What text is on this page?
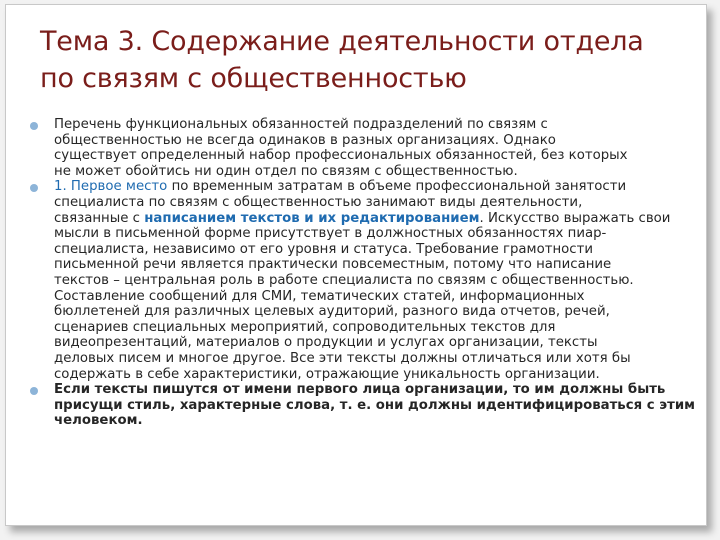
Тема 3. Содержание деятельности отдела
по связям с общественностью
Перечень функциональных обязанностей подразделений по связям с
общественностью не всегда одинаков в разных организациях. Однако
существует определенный набор профессиональных обязанностей, без которых
не может обойтись ни один отдел по связям с общественностью.
1. Первое место по временным затратам в объеме профессиональной занятости
специалиста по связям с общественностью занимают виды деятельности,
связанные с написанием текстов и их редактированием. Искусство выражать свои
мысли в письменной форме присутствует в должностных обязанностях пиар-
специалиста, независимо от его уровня и статуса. Требование грамотности
письменной речи является практически повсеместным, потому что написание
текстов – центральная роль в работе специалиста по связям с общественностью.
Составление сообщений для СМИ, тематических статей, информационных
бюллетеней для различных целевых аудиторий, разного вида отчетов, речей,
сценариев специальных мероприятий, сопроводительных текстов для
видеопрезентаций, материалов о продукции и услугах организации, тексты
деловых писем и многое другое. Все эти тексты должны отличаться или хотя бы
содержать в себе характеристики, отражающие уникальность организации.
Если тексты пишутся от имени первого лица организации, то им должны быть
присущи стиль, характерные слова, т. е. они должны идентифицироваться с этим
человеком.
